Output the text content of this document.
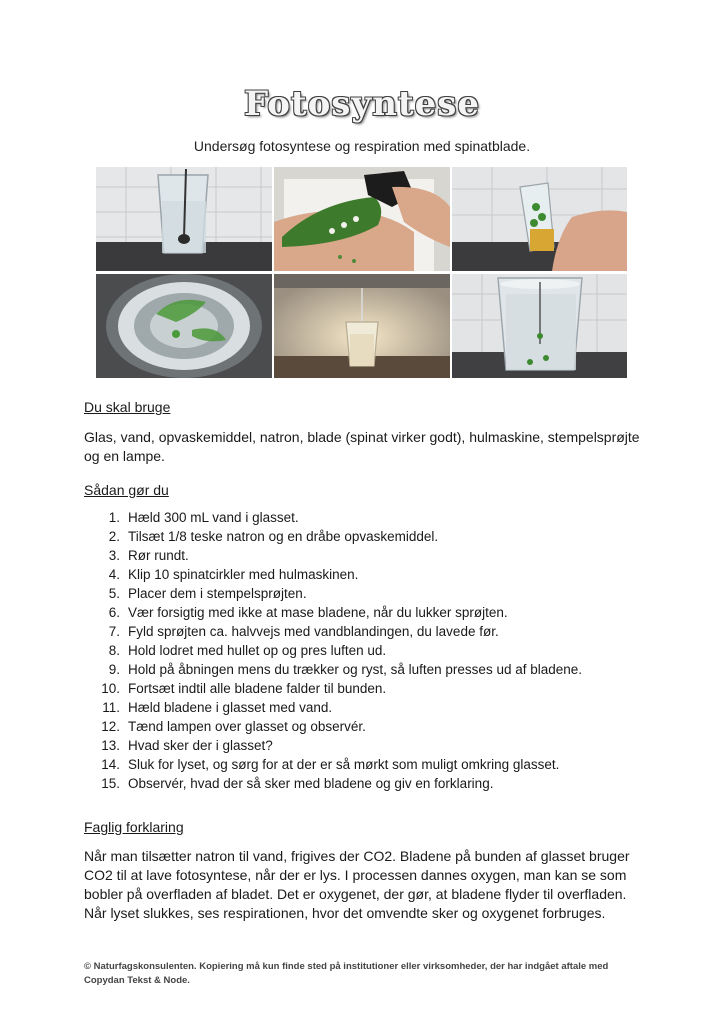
Fotosyntese
Undersøg fotosyntese og respiration med spinatblade.
Du skal bruge
Glas, vand, opvaskemiddel, natron, blade (spinat virker godt), hulmaskine, stempelsprøjte og en lampe.
Sådan gør du
1. Hæld 300 mL vand i glasset.
2. Tilsæt 1/8 teske natron og en dråbe opvaskemiddel.
3. Rør rundt.
4. Klip 10 spinatcirkler med hulmaskinen.
5. Placer dem i stempelsprøjten.
6. Vær forsigtig med ikke at mase bladene, når du lukker sprøjten.
7. Fyld sprøjten ca. halvvejs med vandblandingen, du lavede før.
8. Hold lodret med hullet op og pres luften ud.
9. Hold på åbningen mens du trækker og ryst, så luften presses ud af bladene.
10. Fortsæt indtil alle bladene falder til bunden.
11. Hæld bladene i glasset med vand.
12. Tænd lampen over glasset og observér.
13. Hvad sker der i glasset?
14. Sluk for lyset, og sørg for at der er så mørkt som muligt omkring glasset.
15. Observér, hvad der så sker med bladene og giv en forklaring.
Faglig forklaring
Når man tilsætter natron til vand, frigives der CO2. Bladene på bunden af glasset bruger CO2 til at lave fotosyntese, når der er lys. I processen dannes oxygen, man kan se som bobler på overfladen af bladet. Det er oxygenet, der gør, at bladene flyder til overfladen. Når lyset slukkes, ses respirationen, hvor det omvendte sker og oxygenet forbruges.
© Naturfagskonsulenten. Kopiering må kun finde sted på institutioner eller virksomheder, der har indgået aftale med Copydan Tekst & Node.
